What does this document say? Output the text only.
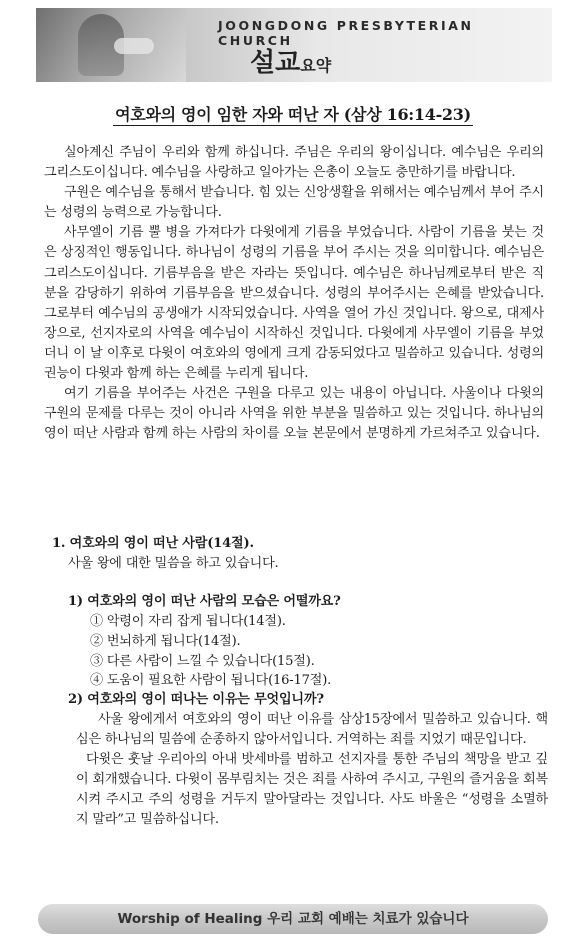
JOONGDONG PRESBYTERIAN CHURCH
설교요약
여호와의 영이 임한 자와 떠난 자 (삼상 16:14-23)

실아계신 주님이 우리와 함께 하십니다. 주님은 우리의 왕이십니다. 예수님은 우리의 그리스도이십니다. 예수님을 사랑하고 일아가는 은총이 오늘도 충만하기를 바랍니다.

구원은 예수님을 통해서 받습니다. 힘 있는 신앙생활을 위해서는 예수님께서 부어 주시는 성령의 능력으로 가능합니다.

사무엘이 기름 뿔 병을 가져다가 다윗에게 기름을 부었습니다. 사람이 기름을 붓는 것은 상징적인 행동입니다. 하나님이 성령의 기름을 부어 주시는 것을 의미합니다. 예수님은 그리스도이십니다. 기름부음을 받은 자라는 뜻입니다. 예수님은 하나님께로부터 받은 직분을 감당하기 위하여 기름부음을 받으셨습니다. 성령의 부어주시는 은혜를 받았습니다. 그로부터 예수님의 공생애가 시작되었습니다. 사역을 열어 가신 것입니다. 왕으로, 대제사장으로, 선지자로의 사역을 예수님이 시작하신 것입니다. 다윗에게 사무엘이 기름을 부었더니 이 날 이후로 다윗이 여호와의 영에게 크게 감동되었다고 밀씀하고 있습니다. 성령의 권능이 다윗과 함께 하는 은혜를 누리게 됩니다.

여기 기름을 부어주는 사건은 구원을 다루고 있는 내용이 아닙니다. 사울이나 다윗의 구원의 문제를 다루는 것이 아니라 사역을 위한 부분을 밀씀하고 있는 것입니다. 하나님의 영이 떠난 사람과 함께 하는 사람의 차이를 오늘 본문에서 분명하게 가르쳐주고 있습니다.

1. 여호와의 영이 떠난 사람(14절).
사울 왕에 대한 밀씀을 하고 있습니다.
1) 여호와의 영이 떠난 사람의 모습은 어떨까요?
① 악령이 자리 잡게 됩니다(14절).
② 번뇌하게 됩니다(14절).
③ 다른 사람이 느낄 수 있습니다(15절).
④ 도움이 필요한 사람이 됩니다(16-17절).
2) 여호와의 영이 떠나는 이유는 무엇입니까?

사울 왕에게서 여호와의 영이 떠난 이유를 삼상15장에서 밀씀하고 있습니다. 핵심은 하나님의 밀씀에 순종하지 않아서입니다. 거역하는 죄를 지었기 때문입니다.

다윗은 훗날 우리아의 아내 밧세바를 범하고 선지자를 통한 주님의 책망을 받고 깊이 회개했습니다. 다윗이 몸부림치는 것은 죄를 사하여 주시고, 구원의 즐거움을 회복시켜 주시고 주의 성령을 거두지 말아달라는 것입니다. 사도 바울은 “성령을 소멸하지 말라”고 밀씀하십니다.

Worship of Healing 우리 교회 예배는 치료가 있습니다
